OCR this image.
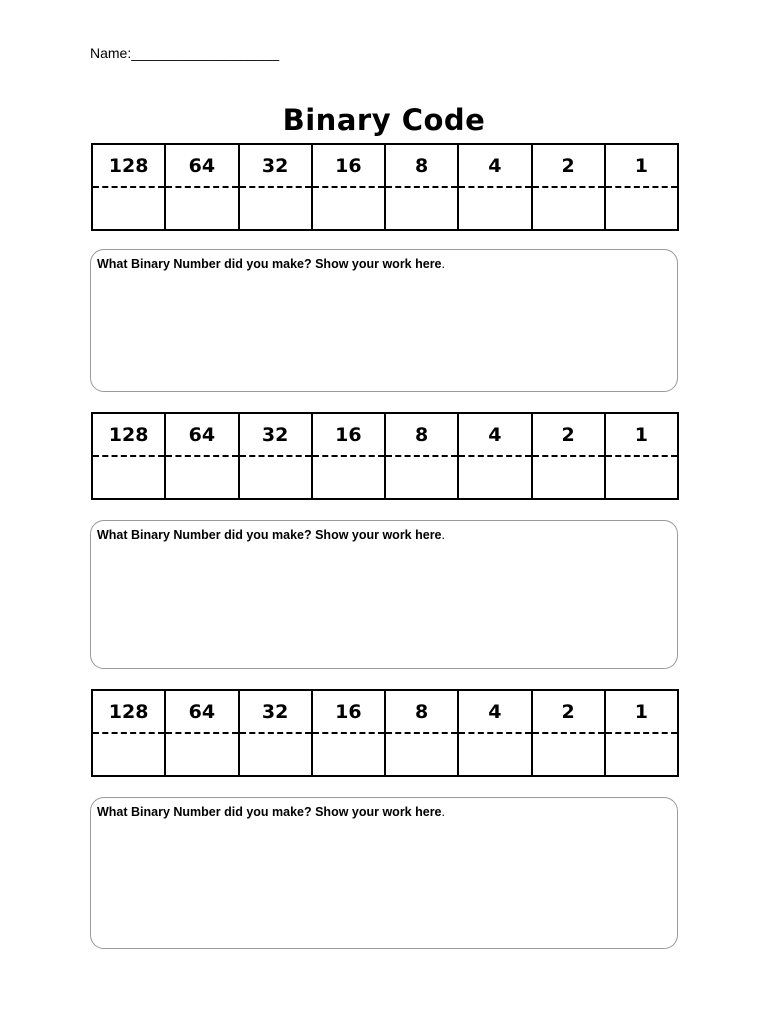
Name:___________________
Binary Code
128	64	32	16	8	4	2	1
What Binary Number did you make? Show your work here.
128	64	32	16	8	4	2	1
What Binary Number did you make? Show your work here.
128	64	32	16	8	4	2	1
What Binary Number did you make? Show your work here.
